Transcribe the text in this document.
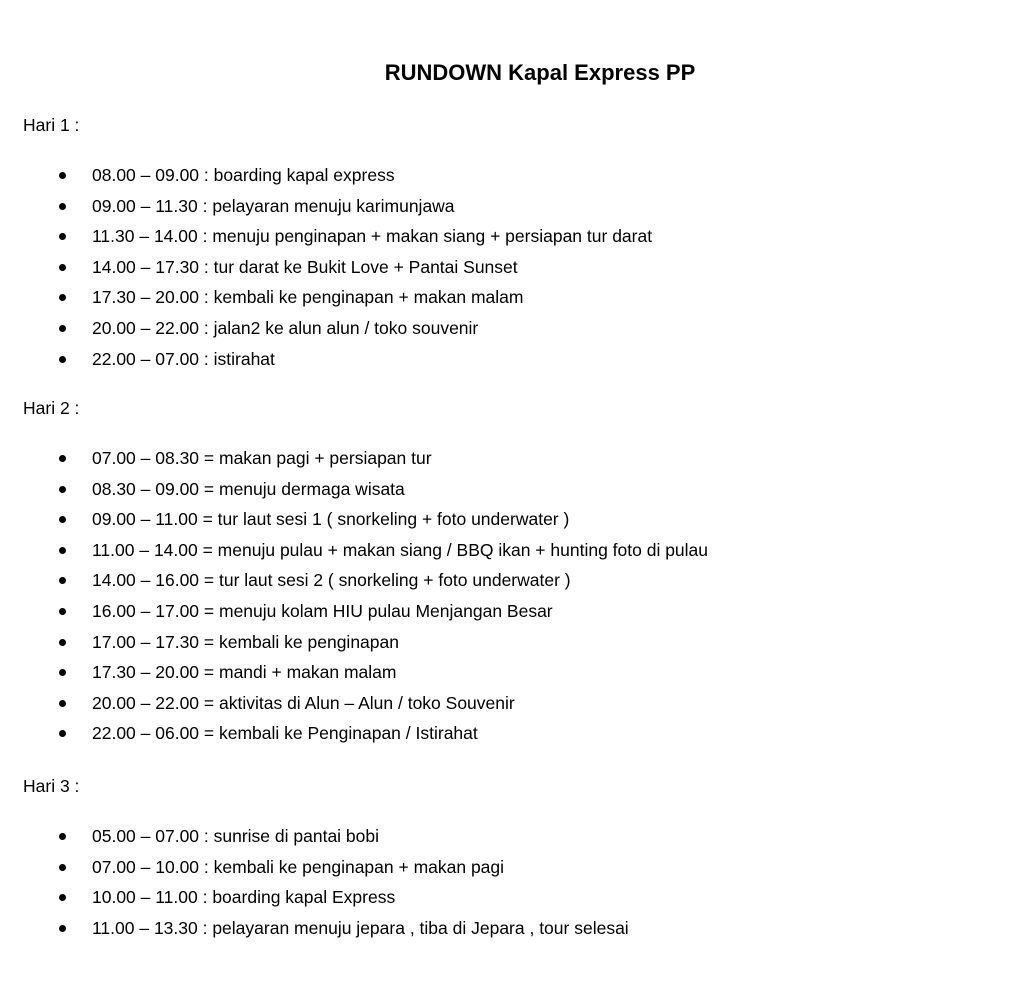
RUNDOWN Kapal Express PP
Hari 1 :
08.00 – 09.00 : boarding kapal express
09.00 – 11.30 : pelayaran menuju karimunjawa
11.30 – 14.00 : menuju penginapan + makan siang + persiapan tur darat
14.00 – 17.30 : tur darat ke Bukit Love + Pantai Sunset
17.30 – 20.00 : kembali ke penginapan + makan malam
20.00 – 22.00 : jalan2 ke alun alun / toko souvenir
22.00 – 07.00 : istirahat
Hari 2 :
07.00 – 08.30 = makan pagi + persiapan tur
08.30 – 09.00 = menuju dermaga wisata
09.00 – 11.00 = tur laut sesi 1 ( snorkeling + foto underwater )
11.00 – 14.00 = menuju pulau + makan siang / BBQ ikan + hunting foto di pulau
14.00 – 16.00 = tur laut sesi 2 ( snorkeling + foto underwater )
16.00 – 17.00 = menuju kolam HIU pulau Menjangan Besar
17.00 – 17.30 = kembali ke penginapan
17.30 – 20.00 = mandi + makan malam
20.00 – 22.00 = aktivitas di Alun – Alun / toko Souvenir
22.00 – 06.00 = kembali ke Penginapan / Istirahat
Hari 3 :
05.00 – 07.00 : sunrise di pantai bobi
07.00 – 10.00 : kembali ke penginapan + makan pagi
10.00 – 11.00 : boarding kapal Express
11.00 – 13.30 : pelayaran menuju jepara , tiba di Jepara , tour selesai
